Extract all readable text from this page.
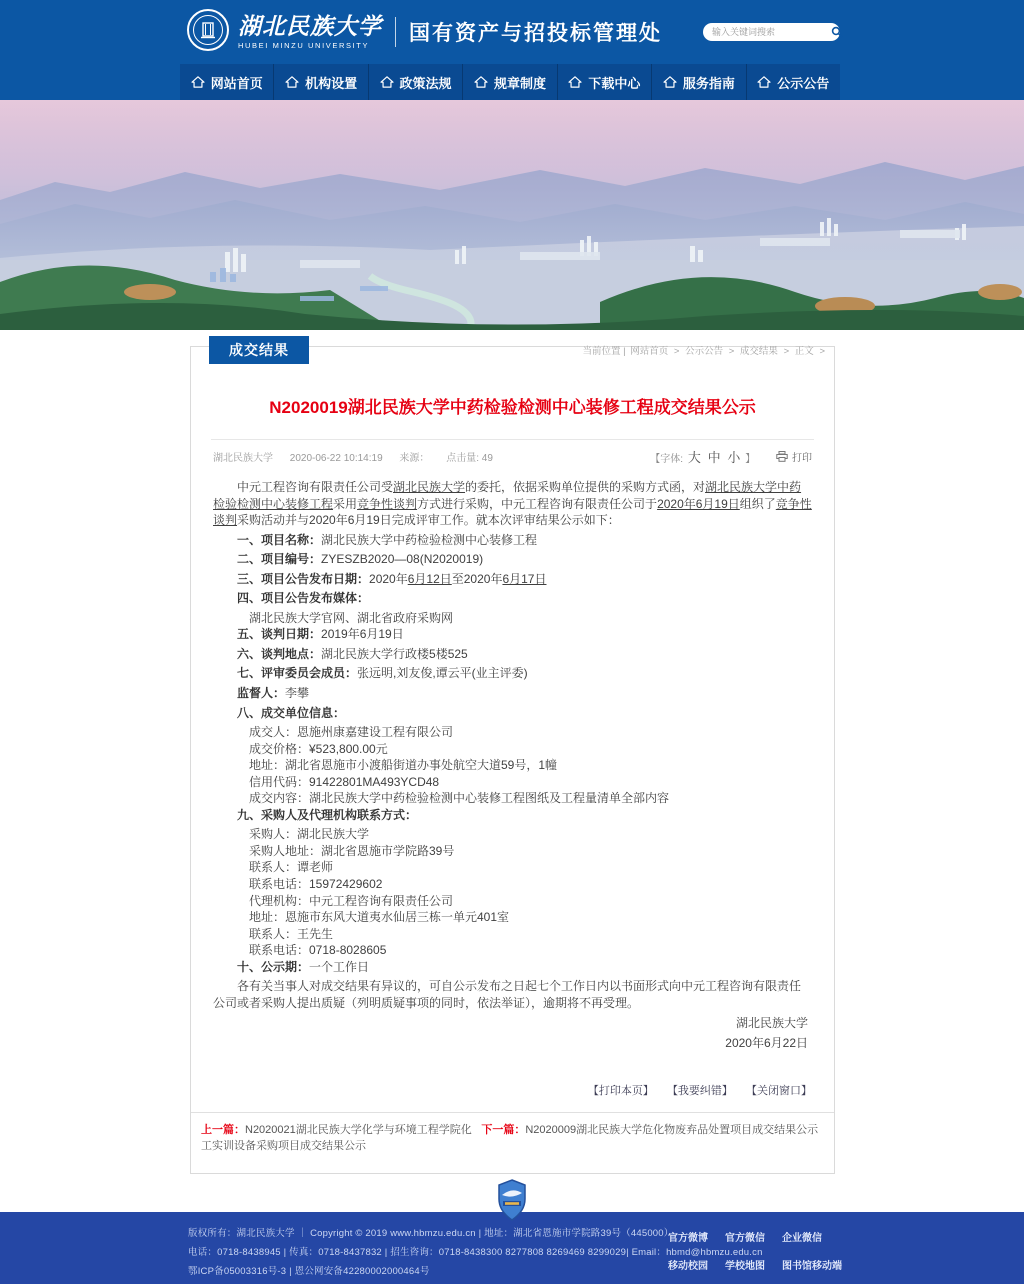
湖北民族大学
HUBEI MINZU UNIVERSITY
国有资产与招投标管理处
输入关键词搜索
网站首页	机构设置	政策法规	规章制度	下载中心	服务指南	公示公告
成交结果	当前位置 | 网站首页 > 公示公告 > 成交结果 > 正文 >
N2020019湖北民族大学中药检验检测中心装修工程成交结果公示
湖北民族大学 2020-06-22 10:14:19 来源： 点击量: 49	【字体: 大 中 小 】	打印

中元工程咨询有限责任公司受湖北民族大学的委托，依据采购单位提供的采购方式函，对湖北民族大学中药检验检测中心装修工程采用竞争性谈判方式进行采购，中元工程咨询有限责任公司于2020年6月19日组织了竞争性谈判采购活动并与2020年6月19日完成评审工作。就本次评审结果公示如下：

一、项目名称：湖北民族大学中药检验检测中心装修工程
二、项目编号：ZYESZB2020—08(N2020019)
三、项目公告发布日期：2020年6月12日至2020年6月17日
四、项目公告发布媒体：
湖北民族大学官网、湖北省政府采购网
五、谈判日期：2019年6月19日
六、谈判地点：湖北民族大学行政楼5楼525
七、评审委员会成员：张远明,刘友俊,谭云平(业主评委)
监督人：李攀
八、成交单位信息：
成交人：恩施州康嘉建设工程有限公司
成交价格：¥523,800.00元
地址：湖北省恩施市小渡船街道办事处航空大道59号，1幢
信用代码：91422801MA493YCD48
成交内容：湖北民族大学中药检验检测中心装修工程图纸及工程量清单全部内容
九、采购人及代理机构联系方式：
采购人：湖北民族大学
采购人地址：湖北省恩施市学院路39号
联系人：谭老师
联系电话：15972429602
代理机构：中元工程咨询有限责任公司
地址：恩施市东风大道夷水仙居三栋一单元401室
联系人：王先生
联系电话：0718-8028605
十、公示期：一个工作日

各有关当事人对成交结果有异议的，可自公示发布之日起七个工作日内以书面形式向中元工程咨询有限责任公司或者采购人提出质疑（列明质疑事项的同时，依法举证），逾期将不再受理。

湖北民族大学
2020年6月22日
【打印本页】 【我要纠错】 【关闭窗口】
上一篇：N2020021湖北民族大学化学与环境工程学院化工实训设备采购项目成交结果公示
下一篇：N2020009湖北民族大学危化物废弃品处置项目成交结果公示
版权所有：湖北民族大学 ｜ Copyright © 2019 www.hbmzu.edu.cn | 地址：湖北省恩施市学院路39号（445000）
电话：0718-8438945 | 传真：0718-8437832 | 招生咨询：0718-8438300 8277808 8269469 8299029| Email：hbmd@hbmzu.edu.cn
鄂ICP备05003316号-3 | 恩公网安备42280002000464号
官方微博 官方微信 企业微信
移动校园 学校地图 图书馆移动端
